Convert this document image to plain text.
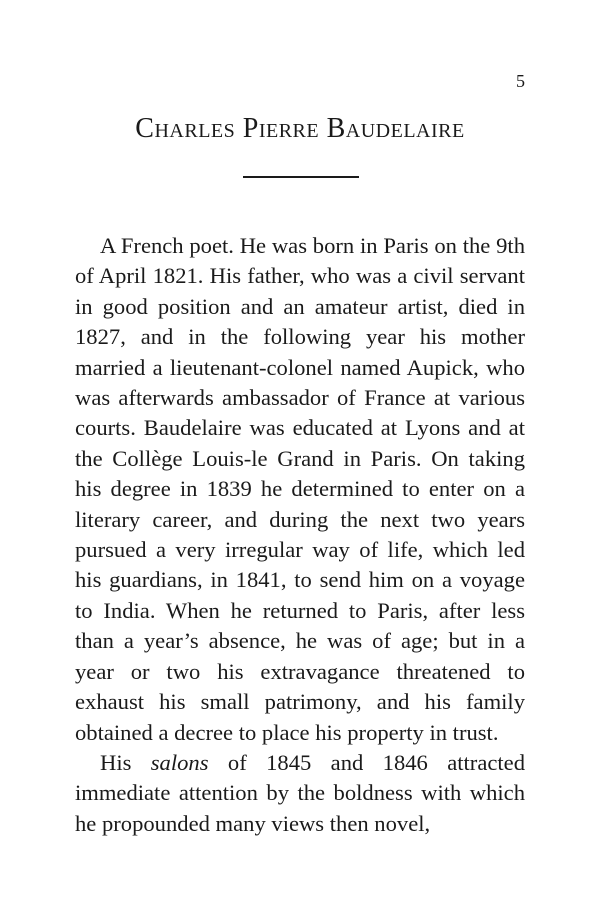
5
Charles Pierre Baudelaire

A French poet. He was born in Paris on the 9th of April 1821. His father, who was a civil servant in good position and an amateur artist, died in 1827, and in the following year his mother married a lieutenant-colonel named Aupick, who was afterwards ambassador of France at various courts. Baudelaire was educated at Lyons and at the Collège Louis-le Grand in Paris. On taking his degree in 1839 he determined to enter on a literary career, and during the next two years pursued a very irregular way of life, which led his guardians, in 1841, to send him on a voyage to India. When he returned to Paris, after less than a year’s absence, he was of age; but in a year or two his extravagance threatened to exhaust his small patrimony, and his family obtained a decree to place his property in trust.

His salons of 1845 and 1846 attracted immediate attention by the boldness with which he propounded many views then novel,
